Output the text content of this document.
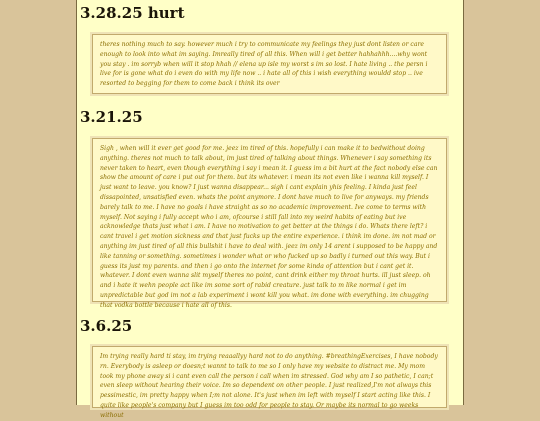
3.28.25 hurt
theres nothing much to say. however much i try to communicate my feelings they just dont listen or care enough to look into what im saying. Imreally tired of all this. When will i get better hahhahhh....why wont you stay . im sorryb when will it stop hhah // elena up isle my worst s im so lost. I hate living .. the persn i live for is gone what do i even do with my life now .. i hate all of this i wish everything wouldd stop .. ive resorted to begging for them to come back i think its over
3.21.25
Sigh , when will it ever get good for me. jeez im tired of this. hopefully i can make it to bedwithout doing anything. theres not much to talk about, im just tired of talking about things. Whenever i say something its never taken to heart, even though everything i say i mean it. I guess im a bit hurt at the fact nobody else can show the amount of care i put out for them. but its whatever. i mean its not even like i wanna kill myself. I just want to leave. you know? I just wanna disappear... sigh i cant explain yhis feeling. I kinda just feel dissapointed, unsatisfied even. whats the point anymore. I dont have much to live for anyways. my friends barely talk to me. I have no goals i have straight as so no academic improvement. Ive come to terms with myself. Not saying i fully accept who i am, ofcourse i still fall into my weird habits of eating but ive acknowledge thats just what i am. I have no motivation to get better at the things i do. Whats there left? i cant travel i get motion sickness and that just fucks up the entire experience. i think im done. im not mad or anything im just tired of all this bullshit i have to deal with. jeez im only 14 arent i supposed to be happy and like tanning or something. sometimes i wonder what or who fucked up so badly i turned out this way. But i guess its just my parents. and then i go onto the internet for some kinda of attention but i cant get it. whatever. I dont even wanna slit myself theres no point, cant drink either my throat hurts. ill just sleep. oh and i hate it wehn people act like im some sort of rabid creature. just talk to m like normal i get im unpredictable but god im not a lab experiment i wont kill you what. im done with everything. im chugging that vodka bottle because i hate all of this.
3.6.25
Im trying really hard ti stay, im trying reaaallyy hard not to do anything. #breathingExercises, I have nobody rn. Everybody is asleep or doesn;t wannt to talk to me so I only have my website to distract me. My mom took my phone away si i cant even call the person i call when im stressed. God why am I so pathetic, I can;t even sleep without hearing their voice. Im so dependent on other people. I just realized,I'm not always this pessimestic, im pretty happy when I;m not alone. It's just when im left with myself I start acting like this. I quite like people's company but I guess im too odd for people to stay. Or maybe its normal to go weeks without
